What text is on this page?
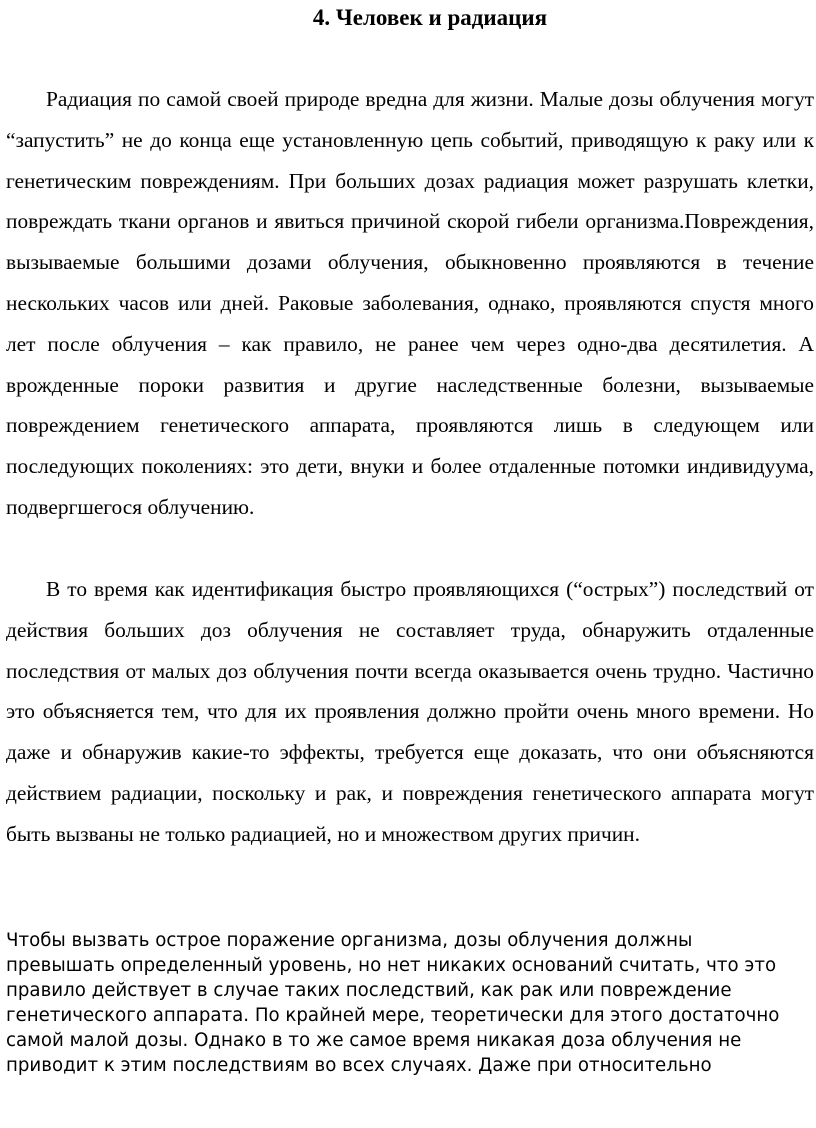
4. Человек и радиация

Радиация по самой своей природе вредна для жизни. Малые дозы облучения могут “запустить” не до конца еще установленную цепь событий, приводящую к раку или к генетическим повреждениям. При больших дозах радиация может разрушать клетки, повреждать ткани органов и явиться причиной скорой гибели организма.Повреждения, вызываемые большими дозами облучения, обыкновенно проявляются в течение нескольких часов или дней. Раковые заболевания, однако, проявляются спустя много лет после облучения – как правило, не ранее чем через одно-два десятилетия. А врожденные пороки развития и другие наследственные болезни, вызываемые повреждением генетического аппарата, проявляются лишь в следующем или последующих поколениях: это дети, внуки и более отдаленные потомки индивидуума, подвергшегося облучению.

В то время как идентификация быстро проявляющихся (“острых”) последствий от действия больших доз облучения не составляет труда, обнаружить отдаленные последствия от малых доз облучения почти всегда оказывается очень трудно. Частично это объясняется тем, что для их проявления должно пройти очень много времени. Но даже и обнаружив какие-то эффекты, требуется еще доказать, что они объясняются действием радиации, поскольку и рак, и повреждения генетического аппарата могут быть вызваны не только радиацией, но и множеством других причин.

Чтобы вызвать острое поражение организма, дозы облучения должны превышать определенный уровень, но нет никаких оснований считать, что это правило действует в случае таких последствий, как рак или повреждение генетического аппарата. По крайней мере, теоретически для этого достаточно самой малой дозы. Однако в то же самое время никакая доза облучения не приводит к этим последствиям во всех случаях. Даже при относительно
